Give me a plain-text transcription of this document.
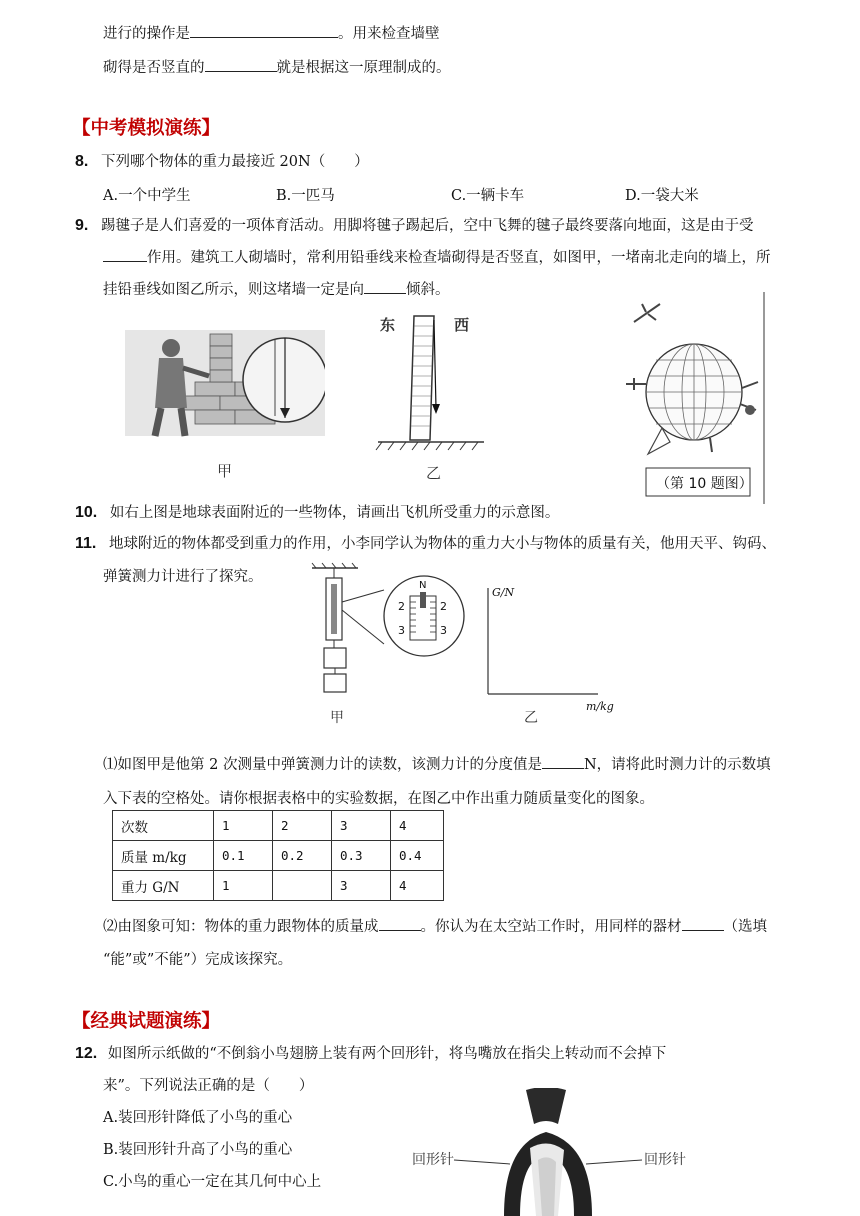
进行的操作是	。用来检查墙壁
砌得是否竖直的	就是根据这一原理制成的。
【中考模拟演练】
8. 下列哪个物体的重力最接近 20N（　　）
A.一个中学生	B.一匹马	C.一辆卡车	D.一袋大米
9. 踢毽子是人们喜爱的一项体育活动。用脚将毽子踢起后，空中飞舞的毽子最终要落向地面，这是由于受
作用。建筑工人砌墙时，常利用铅垂线来检查墙砌得是否竖直，如图甲，一堵南北走向的墙上，所
挂铅垂线如图乙所示，则这堵墙一定是向	倾斜。
甲
东	西
乙
（第 10 题图）
10. 如右上图是地球表面附近的一些物体，请画出飞机所受重力的示意图。
11. 地球附近的物体都受到重力的作用，小李同学认为物体的重力大小与物体的质量有关，他用天平、钩码、
弹簧测力计进行了探究。
N
2	2
3	3
甲
G/N
m/kg
乙
⑴如图甲是他第 2 次测量中弹簧测力计的读数，该测力计的分度值是	N，请将此时测力计的示数填
入下表的空格处。请你根据表格中的实验数据，在图乙中作出重力随质量变化的图象。
次数	1	2	3	4
质量 m/kg	0.1	0.2	0.3	0.4
重力 G/N	1		3	4
⑵由图象可知：物体的重力跟物体的质量成	。你认为在太空站工作时，用同样的器材	（选填
“能”或”不能”）完成该探究。
【经典试题演练】
12. 如图所示纸做的“不倒翁小鸟翅膀上装有两个回形针，将鸟嘴放在指尖上转动而不会掉下
来”。下列说法正确的是（　　）
A.装回形针降低了小鸟的重心
B.装回形针升高了小鸟的重心
C.小鸟的重心一定在其几何中心上
回形针	回形针
